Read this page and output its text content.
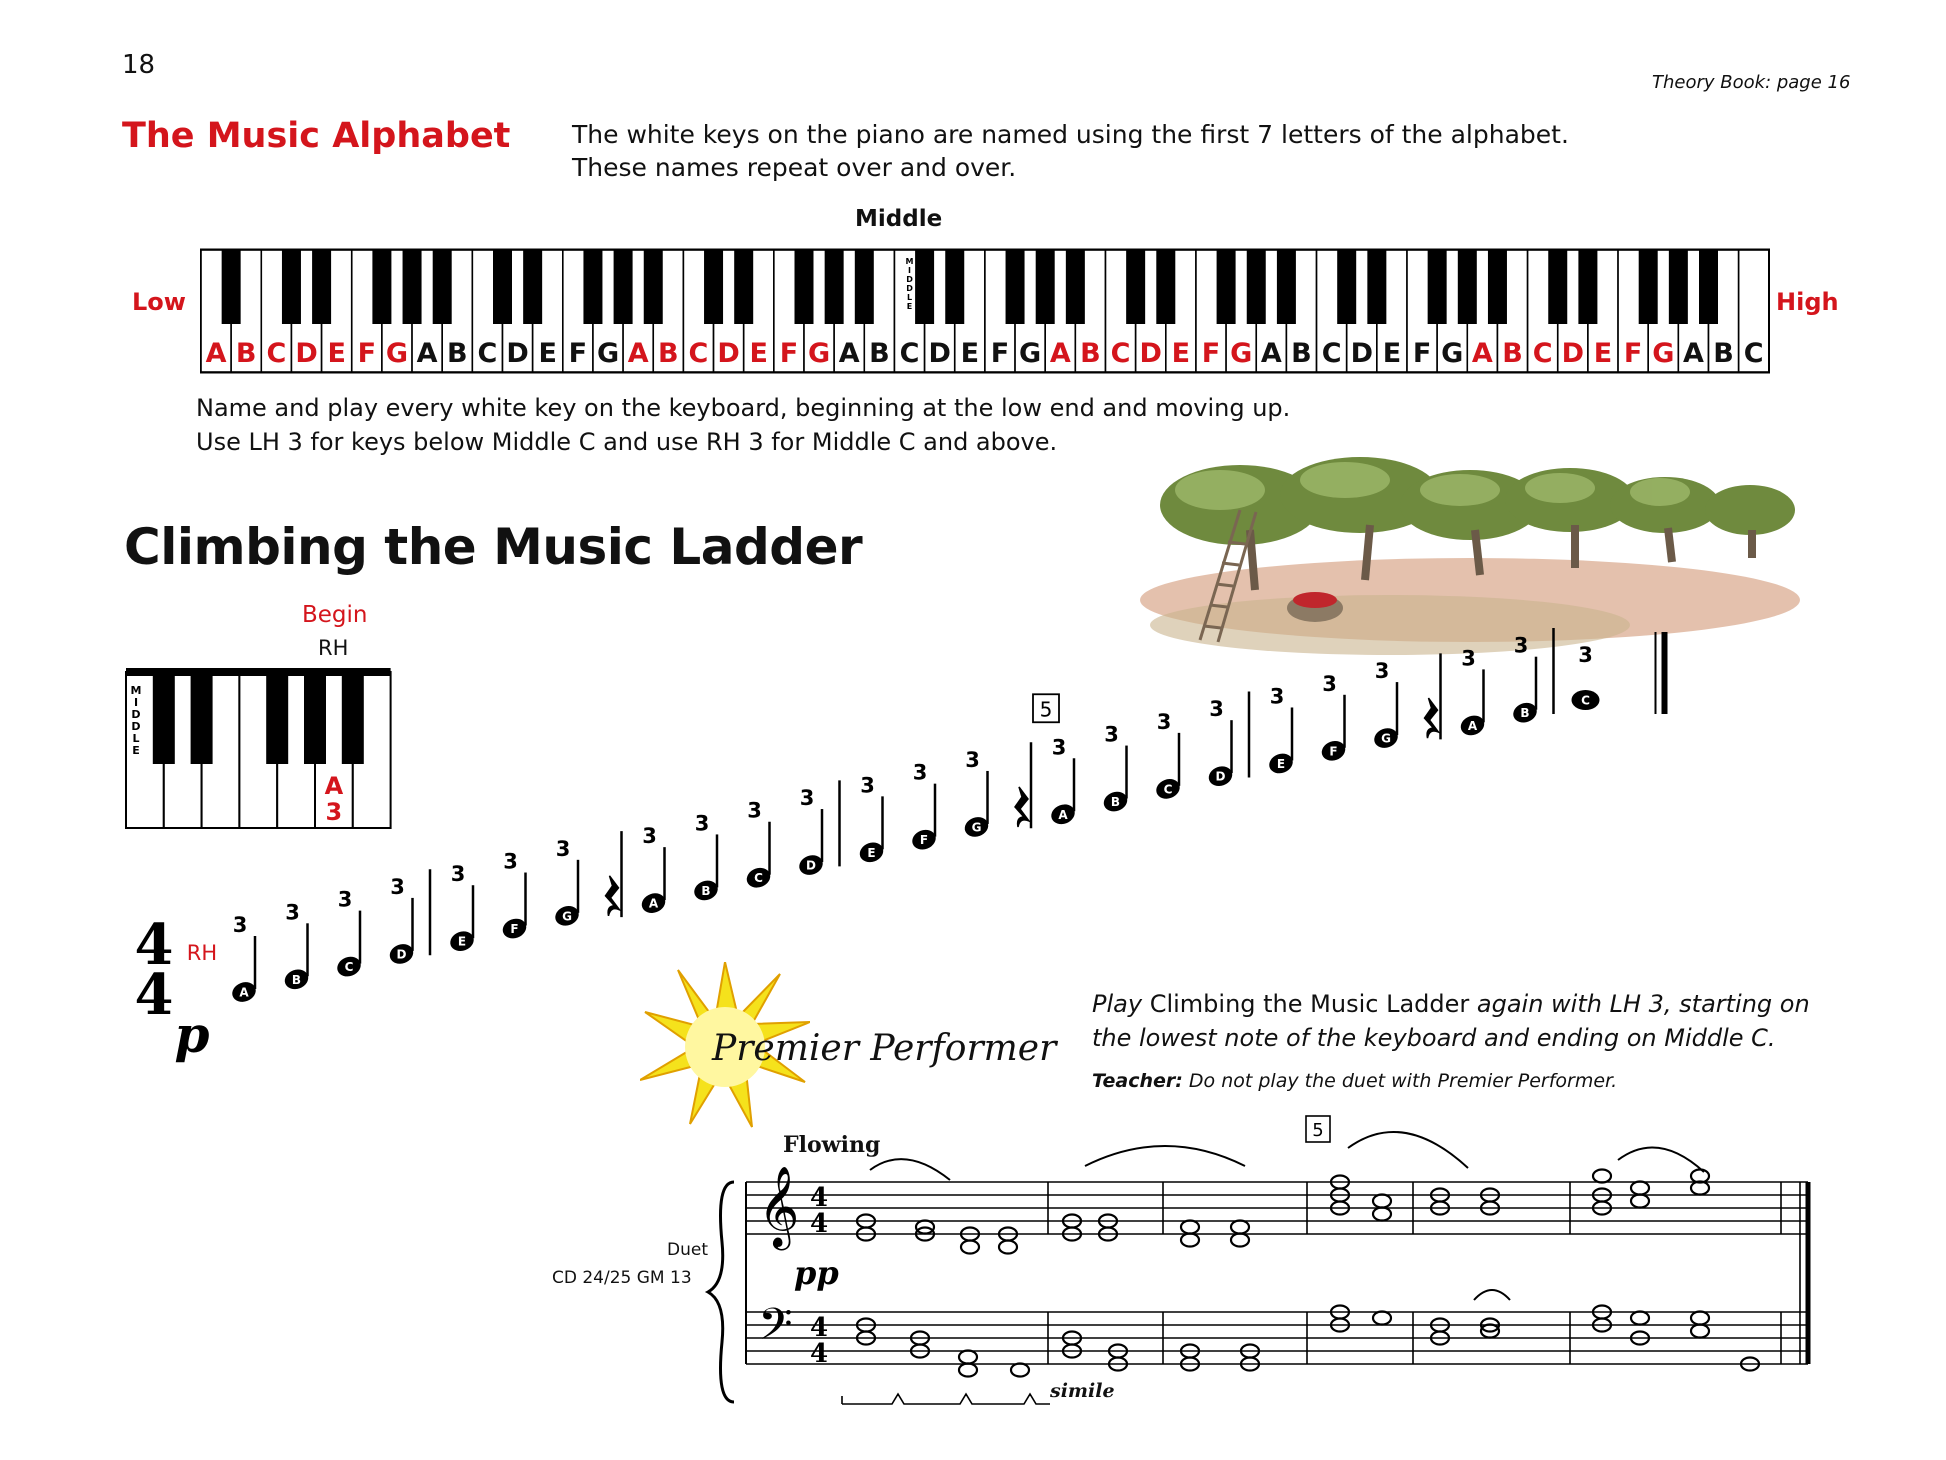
18
Theory Book: page 16
The Music Alphabet The white keys on the piano are named using the first 7 letters of the alphabet.
These names repeat over and over.
Middle
Low	High
A B C D E F G A B C D E F G A B C D E F G A B C D E F G A B C D E F G A B C D E F G A B C D E F G A B C
M
I
D
D
L
E
Name and play every white key on the keyboard, beginning at the low end and moving up.
Use LH 3 for keys below Middle C and use RH 3 for Middle C and above.
Climbing the Music Ladder
Begin
RH
M
I
D
D
L
E
A
3
4
4
p
RH
A
3
B
3
C
3
D
3
E
3
F
3
G
3
A
3
B
3
C
3
D
3
E
3
F
3
G
3
A
3
B
3
C
3
D
3
E
3
F
3
G
3
A
3
B
3
C
3
5
Premier Performer
Play Climbing the Music Ladder again with LH 3, starting on
the lowest note of the keyboard and ending on Middle C.
Teacher: Do not play the duet with Premier Performer.
Flowing
Duet
CD 24/25 GM 13
𝄞
𝄢
4
4
4
4
pp
5
simile
